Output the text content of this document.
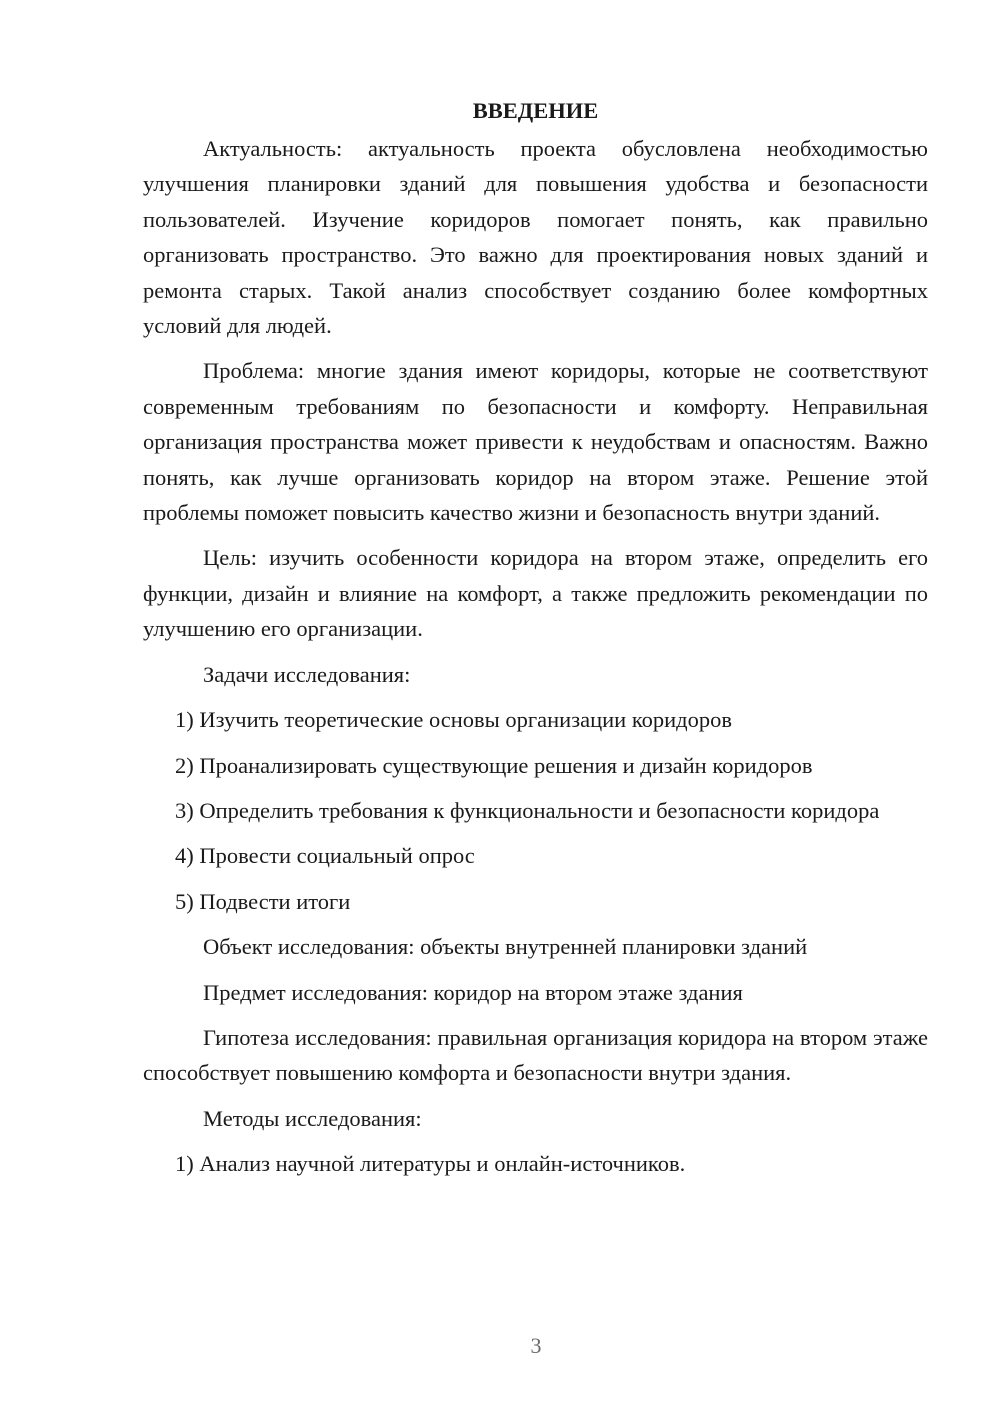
ВВЕДЕНИЕ

Актуальность: актуальность проекта обусловлена необходимостью улучшения планировки зданий для повышения удобства и безопасности пользователей. Изучение коридоров помогает понять, как правильно организовать пространство. Это важно для проектирования новых зданий и ремонта старых. Такой анализ способствует созданию более комфортных условий для людей.

Проблема: многие здания имеют коридоры, которые не соответствуют современным требованиям по безопасности и комфорту. Неправильная организация пространства может привести к неудобствам и опасностям. Важно понять, как лучше организовать коридор на втором этаже. Решение этой проблемы поможет повысить качество жизни и безопасность внутри зданий.

Цель: изучить особенности коридора на втором этаже, определить его функции, дизайн и влияние на комфорт, а также предложить рекомендации по улучшению его организации.

Задачи исследования:

1) Изучить теоретические основы организации коридоров

2) Проанализировать существующие решения и дизайн коридоров

3) Определить требования к функциональности и безопасности коридора

4) Провести социальный опрос

5) Подвести итоги

Объект исследования: объекты внутренней планировки зданий

Предмет исследования: коридор на втором этаже здания

Гипотеза исследования: правильная организация коридора на втором этаже способствует повышению комфорта и безопасности внутри здания.

Методы исследования:

1) Анализ научной литературы и онлайн-источников.

3
